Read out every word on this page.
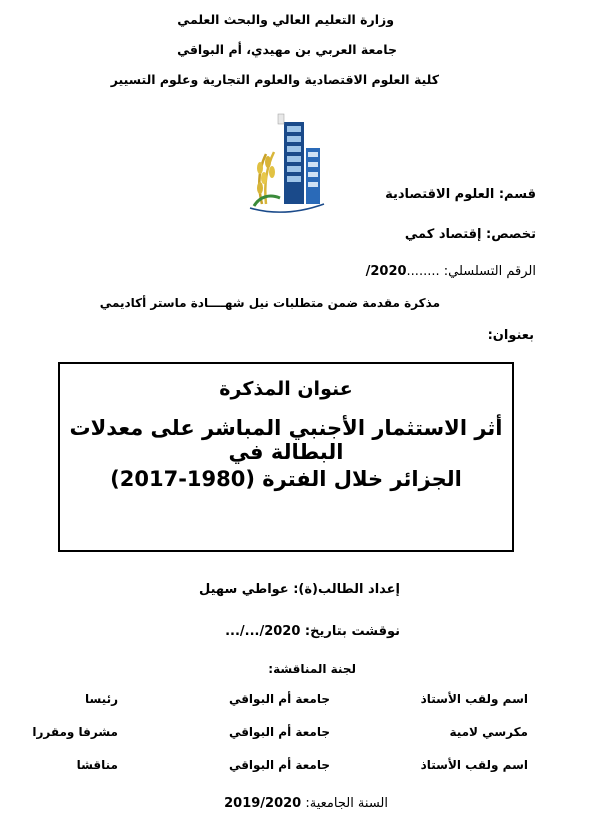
وزارة التعليم العالي والبحث العلمي
جامعة العربي بن مهيدي، أم البواقي
كلية العلوم الاقتصادية والعلوم التجارية وعلوم التسيير
قسم: العلوم الاقتصادية
تخصص: إقتصاد كمي
الرقم التسلسلي: ........2020/
مذكرة مقدمة ضمن متطلبات نيل شهــــادة ماستر أكاديمي
بعنوان:
عنوان المذكرة
أثر الاستثمار الأجنبي المباشر على معدلات البطالة في
الجزائر خلال الفترة (1980-2017)
إعداد الطالب(ة): عواطي سهيل
نوقشت بتاريخ: 2020/.../...
لجنة المناقشة:
اسم ولقب الأستاذ
جامعة أم البواقي
رئيسا
مكرسي لامية
جامعة أم البواقي
مشرفا ومقررا
اسم ولقب الأستاذ
جامعة أم البواقي
مناقشا
السنة الجامعية: 2019/2020
